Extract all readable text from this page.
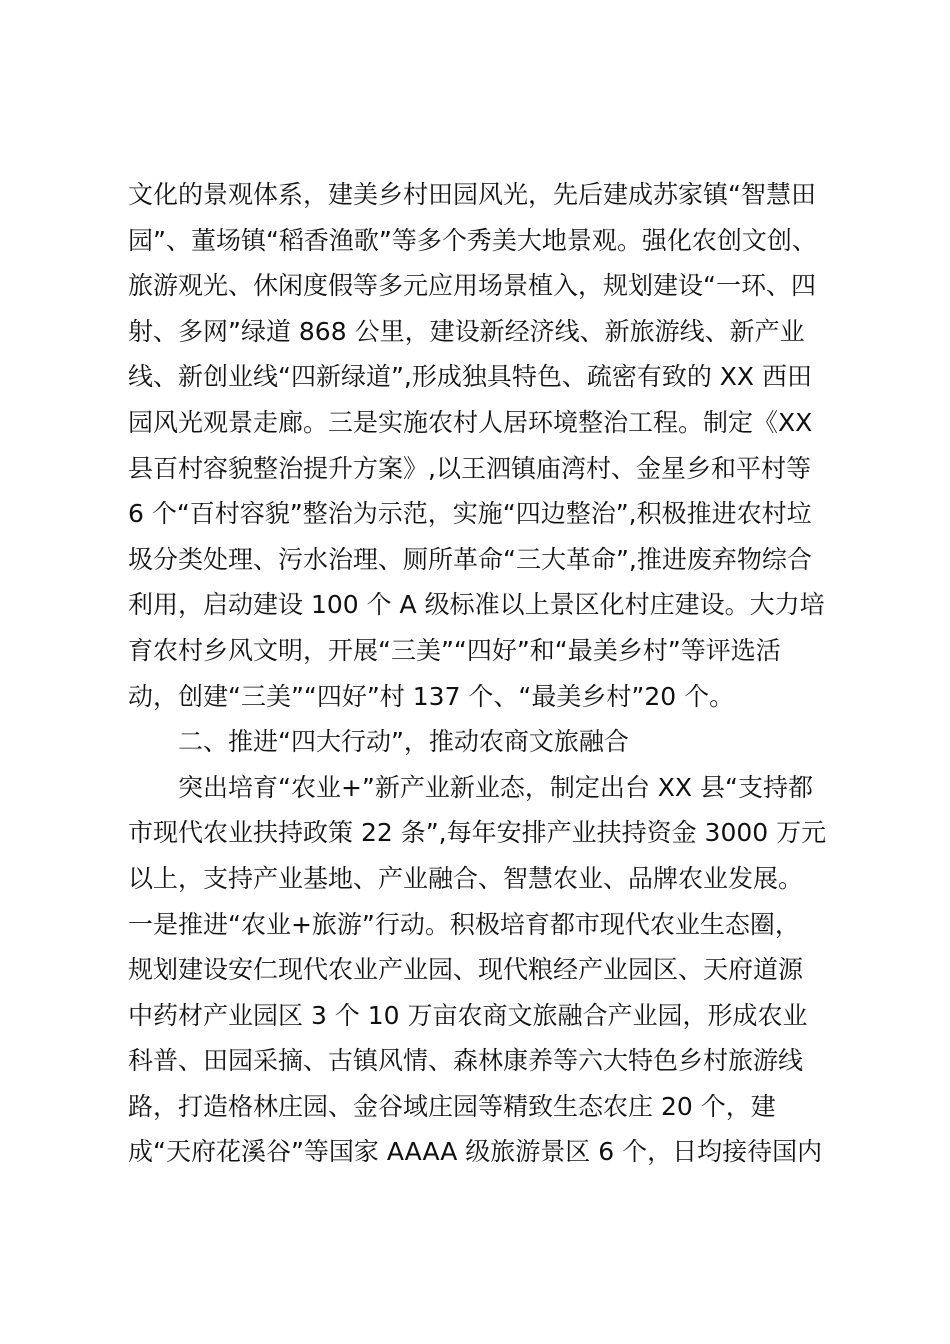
文化的景观体系，建美乡村田园风光，先后建成苏家镇“智慧田
园”、董场镇“稻香渔歌”等多个秀美大地景观。强化农创文创、
旅游观光、休闲度假等多元应用场景植入，规划建设“一环、四
射、多网”绿道 868 公里，建设新经济线、新旅游线、新产业
线、新创业线“四新绿道”,形成独具特色、疏密有致的 XX 西田
园风光观景走廊。三是实施农村人居环境整治工程。制定《XX
县百村容貌整治提升方案》,以王泗镇庙湾村、金星乡和平村等
6 个“百村容貌”整治为示范，实施“四边整治”,积极推进农村垃
圾分类处理、污水治理、厕所革命“三大革命”,推进废弃物综合
利用，启动建设 100 个 A 级标准以上景区化村庄建设。大力培
育农村乡风文明，开展“三美”“四好”和“最美乡村”等评选活
动，创建“三美”“四好”村 137 个、“最美乡村”20 个。
二、推进“四大行动”，推动农商文旅融合
突出培育“农业+”新产业新业态，制定出台 XX 县“支持都
市现代农业扶持政策 22 条”,每年安排产业扶持资金 3000 万元
以上，支持产业基地、产业融合、智慧农业、品牌农业发展。
一是推进“农业+旅游”行动。积极培育都市现代农业生态圈，
规划建设安仁现代农业产业园、现代粮经产业园区、天府道源
中药材产业园区 3 个 10 万亩农商文旅融合产业园，形成农业
科普、田园采摘、古镇风情、森林康养等六大特色乡村旅游线
路，打造格林庄园、金谷域庄园等精致生态农庄 20 个，建
成“天府花溪谷”等国家 AAAA 级旅游景区 6 个，日均接待国内
